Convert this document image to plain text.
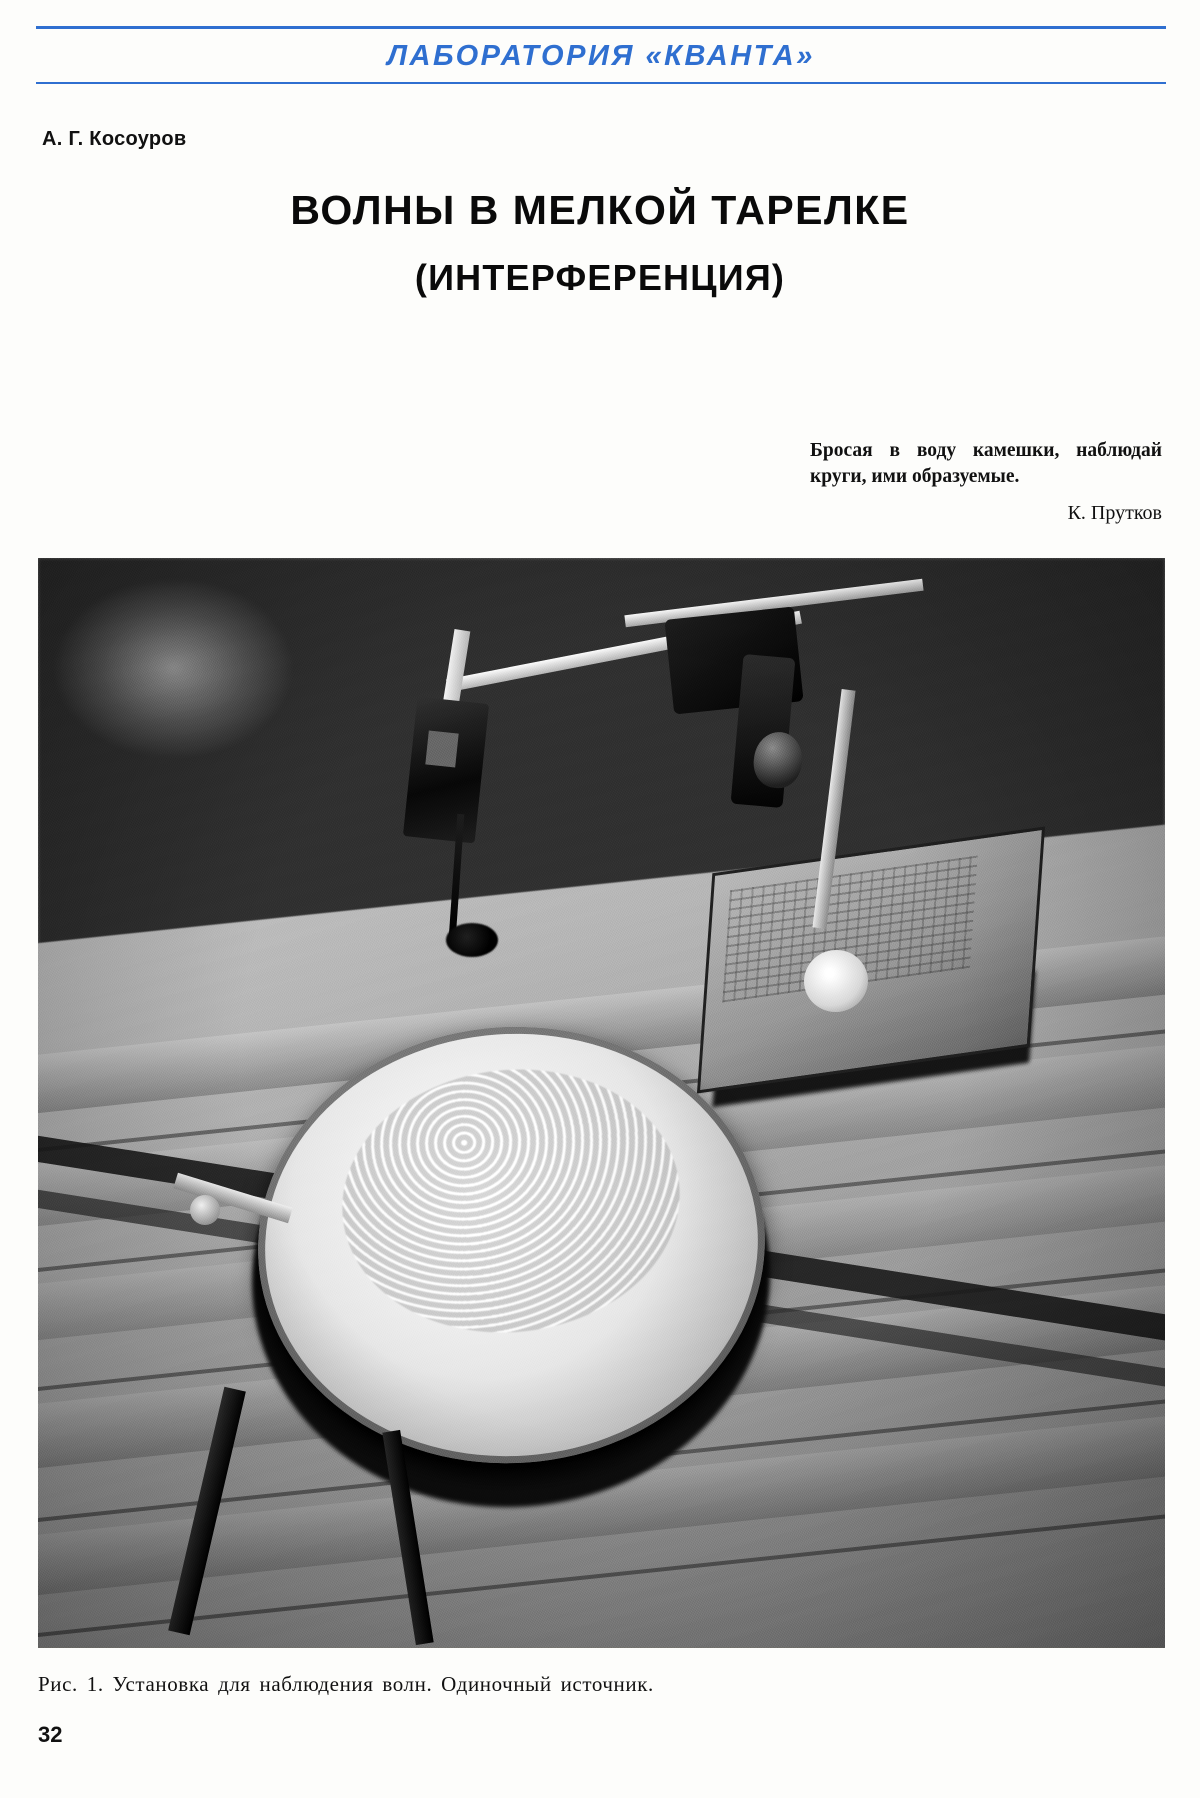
ЛАБОРАТОРИЯ «КВАНТА»
А. Г. Косоуров
ВОЛНЫ В МЕЛКОЙ ТАРЕЛКЕ
(ИНТЕРФЕРЕНЦИЯ)
Бросая в воду камешки, наблюдай круги, ими образуемые.
К. Прутков
Рис. 1. Установка для наблюдения волн. Одиночный источник.
32
